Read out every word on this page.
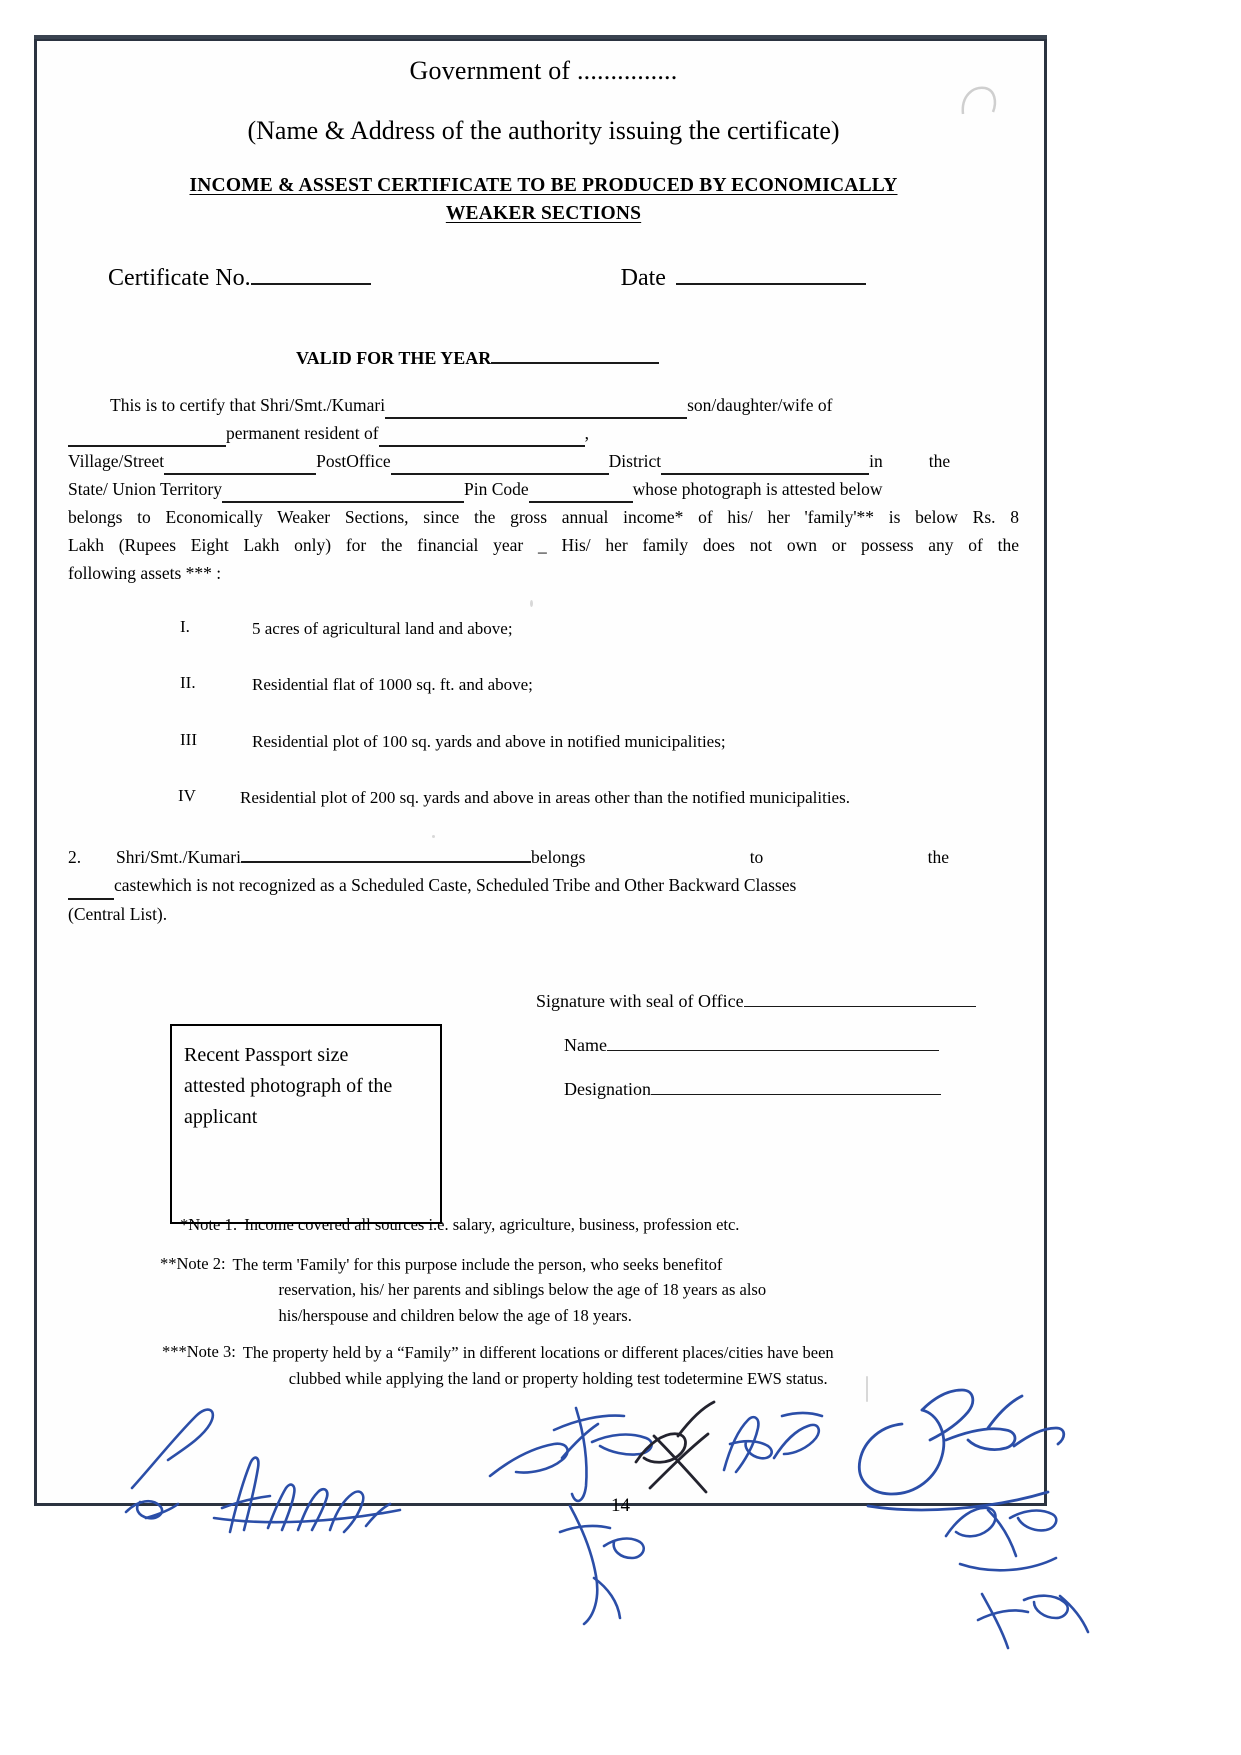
Government of ...............
(Name & Address of the authority issuing the certificate)
INCOME & ASSEST CERTIFICATE TO BE PRODUCED BY ECONOMICALLY
WEAKER SECTIONS
Certificate No.	Date
VALID FOR THE YEAR
This is to certify that Shri/Smt./Kumari	son/daughter/wife of
permanent resident of	,
Village/Street	PostOffice	District	in	the
State/ Union Territory	Pin Code	whose photograph is attested below
belongs to Economically Weaker Sections, since the gross annual income* of his/ her 'family'** is below Rs. 8
Lakh (Rupees Eight Lakh only) for the financial year _ His/ her family does not own or possess any of the
following assets *** :
I.	5 acres of agricultural land and above;
II.	Residential flat of 1000 sq. ft. and above;
III	Residential plot of 100 sq. yards and above in notified municipalities;
IV	Residential plot of 200 sq. yards and above in areas other than the notified municipalities.
2.	Shri/Smt./Kumari	belongs	to	the
castewhich is not recognized as a Scheduled Caste, Scheduled Tribe and Other Backward Classes
(Central List).
Signature with seal of Office
Name
Designation
Recent Passport size
attested photograph of the
applicant
*Note 1: Income covered all sources i.e. salary, agriculture, business, profession etc.
**Note 2: The term 'Family' for this purpose include the person, who seeks benefitof
reservation, his/ her parents and siblings below the age of 18 years as also
his/herspouse and children below the age of 18 years.
***Note 3: The property held by a “Family” in different locations or different places/cities have been
clubbed while applying the land or property holding test todetermine EWS status.
14
